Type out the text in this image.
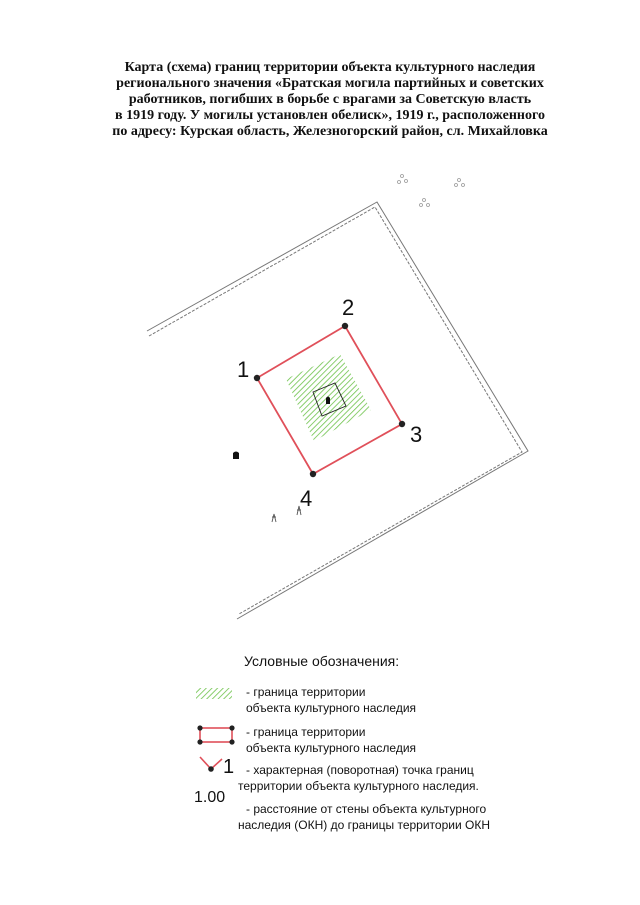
Карта (схема) границ территории объекта культурного наследия
регионального значения «Братская могила партийных и советских
работников, погибших в борьбе с врагами за Советскую власть
в 1919 году. У могилы установлен обелиск», 1919 г., расположенного
по адресу: Курская область, Железногорский район, сл. Михайловка
1
2
3
4
Условные обозначения:
- граница территории
объекта культурного наследия
- граница территории
объекта культурного наследия
1 - характерная (поворотная) точка границ
территории объекта культурного наследия.
1.00
- расстояние от стены объекта культурного
наследия (ОКН) до границы территории ОКН
